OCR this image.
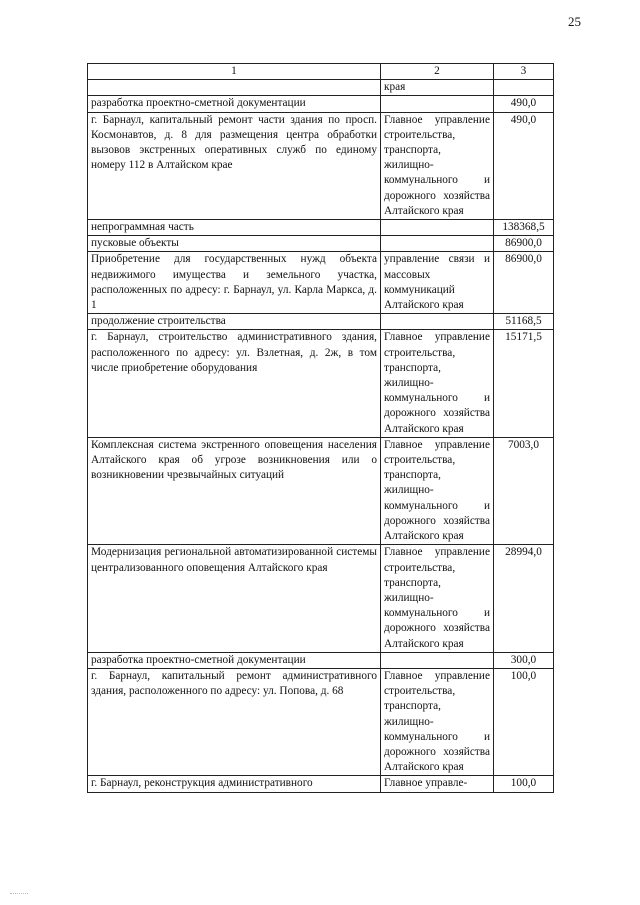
25
1	2	3
	края	
разработка проектно-сметной документации		490,0
г. Барнаул, капитальный ремонт части здания по просп. Космонавтов, д. 8 для размещения центра обработки вызовов экстренных оперативных служб по единому номеру 112 в Алтайском крае	Главное управление строительства, транспорта, жилищно-коммунального и дорожного хозяйства Алтайского края	490,0
непрограммная часть		138368,5
пусковые объекты		86900,0
Приобретение для государственных нужд объекта недвижимого имущества и земельного участка, расположенных по адресу: г. Барнаул, ул. Карла Маркса, д. 1	управление связи и массовых коммуникаций Алтайского края	86900,0
продолжение строительства		51168,5
г. Барнаул, строительство административного здания, расположенного по адресу: ул. Взлетная, д. 2ж, в том числе приобретение оборудования	Главное управление строительства, транспорта, жилищно-коммунального и дорожного хозяйства Алтайского края	15171,5
Комплексная система экстренного оповещения населения Алтайского края об угрозе возникновения или о возникновении чрезвычайных ситуаций	Главное управление строительства, транспорта, жилищно-коммунального и дорожного хозяйства Алтайского края	7003,0
Модернизация региональной автоматизированной системы централизованного оповещения Алтайского края	Главное управление строительства, транспорта, жилищно-коммунального и дорожного хозяйства Алтайского края	28994,0
разработка проектно-сметной документации		300,0
г. Барнаул, капитальный ремонт административного здания, расположенного по адресу: ул. Попова, д. 68	Главное управление строительства, транспорта, жилищно-коммунального и дорожного хозяйства Алтайского края	100,0
г. Барнаул, реконструкция административного	Главное управле-	100,0
